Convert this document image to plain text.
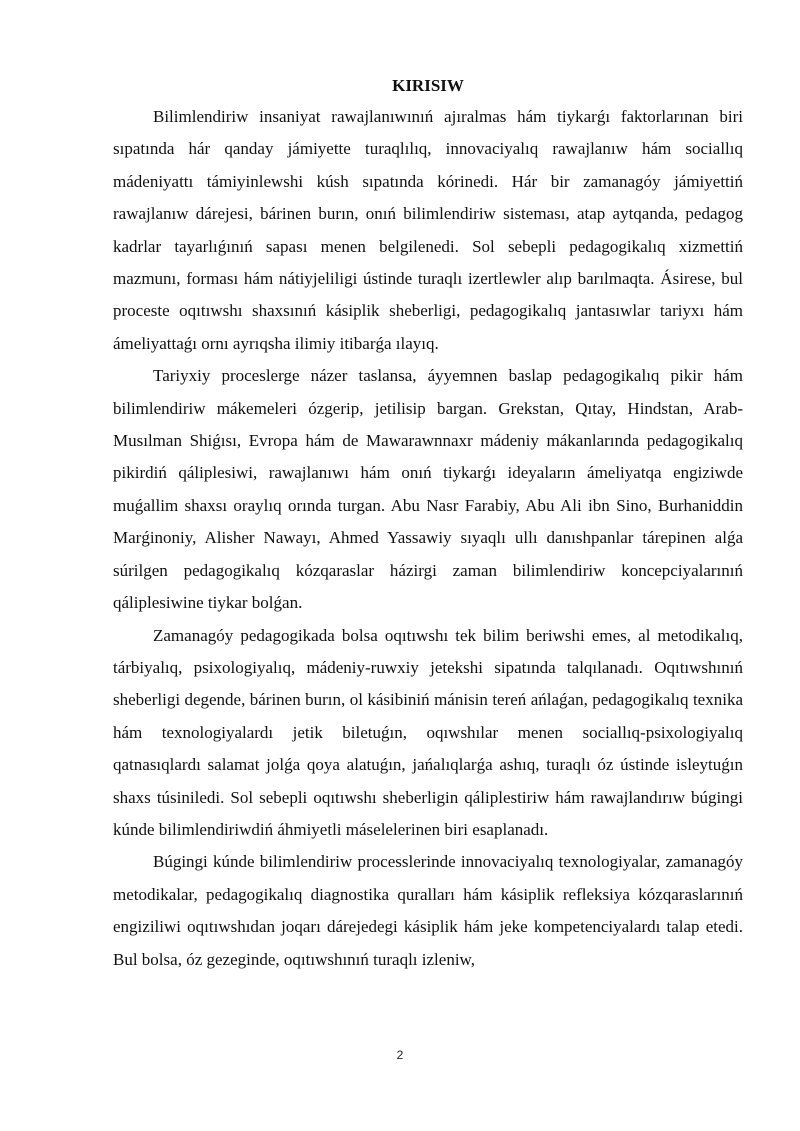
KIRISIW

Bilimlendiriw insaniyat rawajlanıwınıń ajıralmas hám tiykarǵı faktorlarınan biri sıpatında hár qanday jámiyette turaqlılıq, innovaciyalıq rawajlanıw hám sociallıq mádeniyattı támiyinlewshi kúsh sıpatında kórinedi. Hár bir zamanagóy jámiyettiń rawajlanıw dárejesi, bárinen burın, onıń bilimlendiriw sisteması, atap aytqanda, pedagog kadrlar tayarlıǵınıń sapası menen belgilenedi. Sol sebepli pedagogikalıq xizmettiń mazmunı, forması hám nátiyjeliligi ústinde turaqlı izertlewler alıp barılmaqta. Ásirese, bul proceste oqıtıwshı shaxsınıń kásiplik sheberligi, pedagogikalıq jantasıwlar tariyxı hám ámeliyattaǵı ornı ayrıqsha ilimiy itibarǵa ılayıq.

Tariyxiy proceslerge názer taslansa, áyyemnen baslap pedagogikalıq pikir hám bilimlendiriw mákemeleri ózgerip, jetilisip bargan. Grekstan, Qıtay, Hindstan, Arab-Musılman Shiǵısı, Evropa hám de Mawarawnnaxr mádeniy mákanlarında pedagogikalıq pikirdiń qáliplesiwi, rawajlanıwı hám onıń tiykarǵı ideyaların ámeliyatqa engiziwde muǵallim shaxsı oraylıq orında turgan. Abu Nasr Farabiy, Abu Ali ibn Sino, Burhaniddin Marǵinoniy, Alisher Nawayı, Ahmed Yassawiy sıyaqlı ullı danıshpanlar tárepinen alǵa súrilgen pedagogikalıq kózqaraslar házirgi zaman bilimlendiriw koncepciyalarınıń qáliplesiwine tiykar bolǵan.

Zamanagóy pedagogikada bolsa oqıtıwshı tek bilim beriwshi emes, al metodikalıq, tárbiyalıq, psixologiyalıq, mádeniy-ruwxiy jetekshi sipatında talqılanadı. Oqıtıwshınıń sheberligi degende, bárinen burın, ol kásibiniń mánisin tereń ańlaǵan, pedagogikalıq texnika hám texnologiyalardı jetik biletuǵın, oqıwshılar menen sociallıq-psixologiyalıq qatnasıqlardı salamat jolǵa qoya alatuǵın, jańalıqlarǵa ashıq, turaqlı óz ústinde isleytuǵın shaxs túsiniledi. Sol sebepli oqıtıwshı sheberligin qáliplestiriw hám rawajlandırıw búgingi kúnde bilimlendiriwdiń áhmiyetli máselelerinen biri esaplanadı.

Búgingi kúnde bilimlendiriw processlerinde innovaciyalıq texnologiyalar, zamanagóy metodikalar, pedagogikalıq diagnostika quralları hám kásiplik refleksiya kózqaraslarınıń engiziliwi oqıtıwshıdan joqarı dárejedegi kásiplik hám jeke kompetenciyalardı talap etedi. Bul bolsa, óz gezeginde, oqıtıwshınıń turaqlı izleniw,

2
